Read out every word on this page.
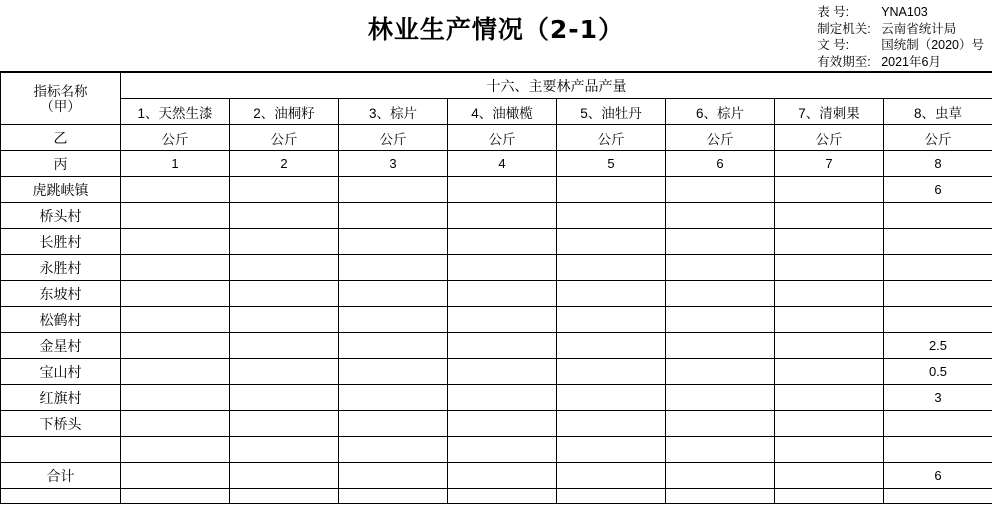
林业生产情况（2-1）
表 号:	YNA103
制定机关: 云南省统计局
文 号:	国统制（2020）号
有效期至: 2021年6月
指标名称
（甲）	十六、主要林产品产量							
	1、天然生漆	2、油桐籽	3、棕片	4、油橄榄	5、油牡丹	6、棕片	7、清刺果	8、虫草
乙	公斤	公斤	公斤	公斤	公斤	公斤	公斤	公斤
丙	1	2	3	4	5	6	7	8
虎跳峡镇								6
桥头村								
长胜村								
永胜村								
东坡村								
松鹤村								
金星村								2.5
宝山村								0.5
红旗村								3
下桥头								

合计								6
